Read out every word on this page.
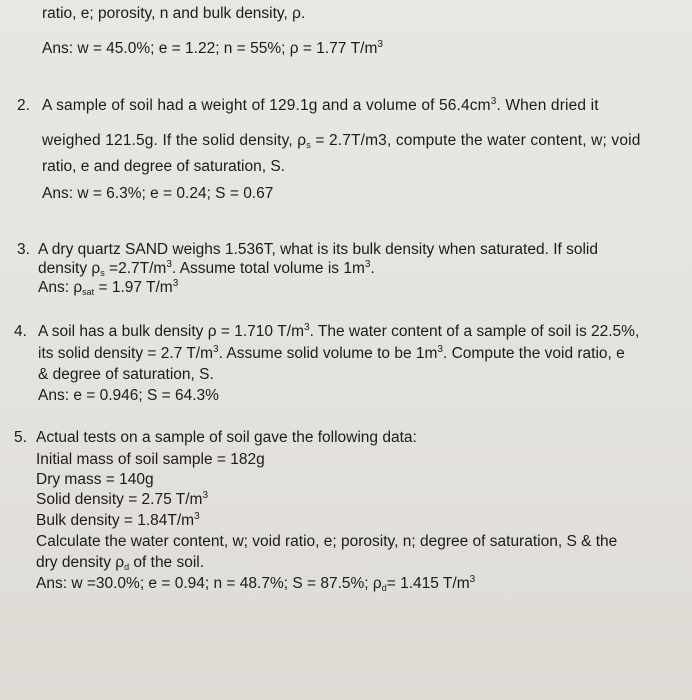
ratio, e; porosity, n and bulk density, ρ.
Ans: w = 45.0%; e = 1.22; n = 55%; ρ = 1.77 $T/m^3$
2. A sample of soil had a weight of 129.1g and a volume of $56.4cm^3$. When dried it
weighed 121.5g. If the solid density, $\rho_s = 2.7T/m3$, compute the water content, w; void
ratio, e and degree of saturation, S.
Ans: w = 6.3%; e = 0.24; S = 0.67
3. A dry quartz SAND weighs 1.536T, what is its bulk density when saturated. If solid
density $\rho_s =2.7T/m^3$. Assume total volume is $1m^3$.
Ans: $\rho_{sat} = 1.97$ $T/m^3$
4. A soil has a bulk density ρ = 1.710 $T/m^3$. The water content of a sample of soil is 22.5%,
its solid density = 2.7 $T/m^3$. Assume solid volume to be $1m^3$. Compute the void ratio, e
& degree of saturation, S.
Ans: e = 0.946; S = 64.3%
5. Actual tests on a sample of soil gave the following data:
Initial mass of soil sample = 182g
Dry mass = 140g
Solid density = 2.75 $T/m^3$
Bulk density = $1.84T/m^3$
Calculate the water content, w; void ratio, e; porosity, n; degree of saturation, S & the
dry density $\rho_d$ of the soil.
Ans: w =30.0%; e = 0.94; n = 48.7%; S = 87.5%; $\rho_d= 1.415$ $T/m^3$
